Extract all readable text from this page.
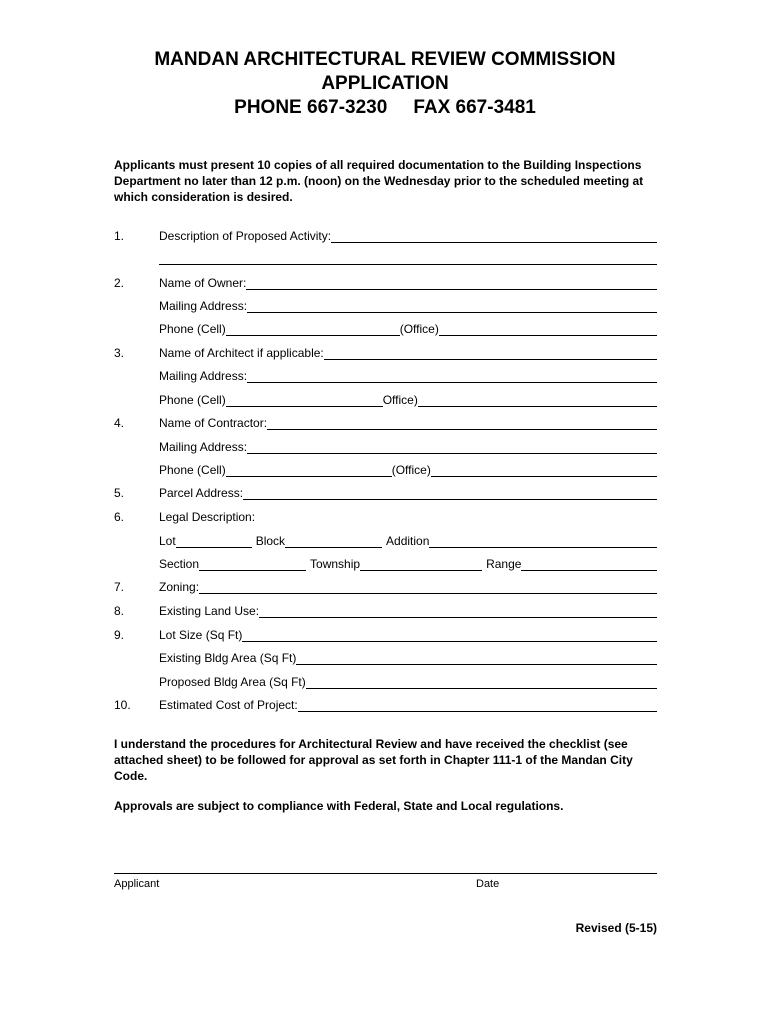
MANDAN ARCHITECTURAL REVIEW COMMISSION
APPLICATION
PHONE 667-3230 FAX 667-3481

Applicants must present 10 copies of all required documentation to the Building Inspections Department no later than 12 p.m. (noon) on the Wednesday prior to the scheduled meeting at which consideration is desired.

1.	Description of Proposed Activity:
2.	Name of Owner:
Mailing Address:
Phone (Cell)	(Office)
3.	Name of Architect if applicable:
Mailing Address:
Phone (Cell)	Office)
4.	Name of Contractor:
Mailing Address:
Phone (Cell)	(Office)
5.	Parcel Address:
6.	Legal Description:
Lot	Block	Addition
Section	Township	Range
7.	Zoning:
8.	Existing Land Use:
9.	Lot Size (Sq Ft)
Existing Bldg Area (Sq Ft)
Proposed Bldg Area (Sq Ft)
10. Estimated Cost of Project:

I understand the procedures for Architectural Review and have received the checklist (see attached sheet) to be followed for approval as set forth in Chapter 111-1 of the Mandan City Code.

Approvals are subject to compliance with Federal, State and Local regulations.

Applicant	Date
Revised (5-15)
